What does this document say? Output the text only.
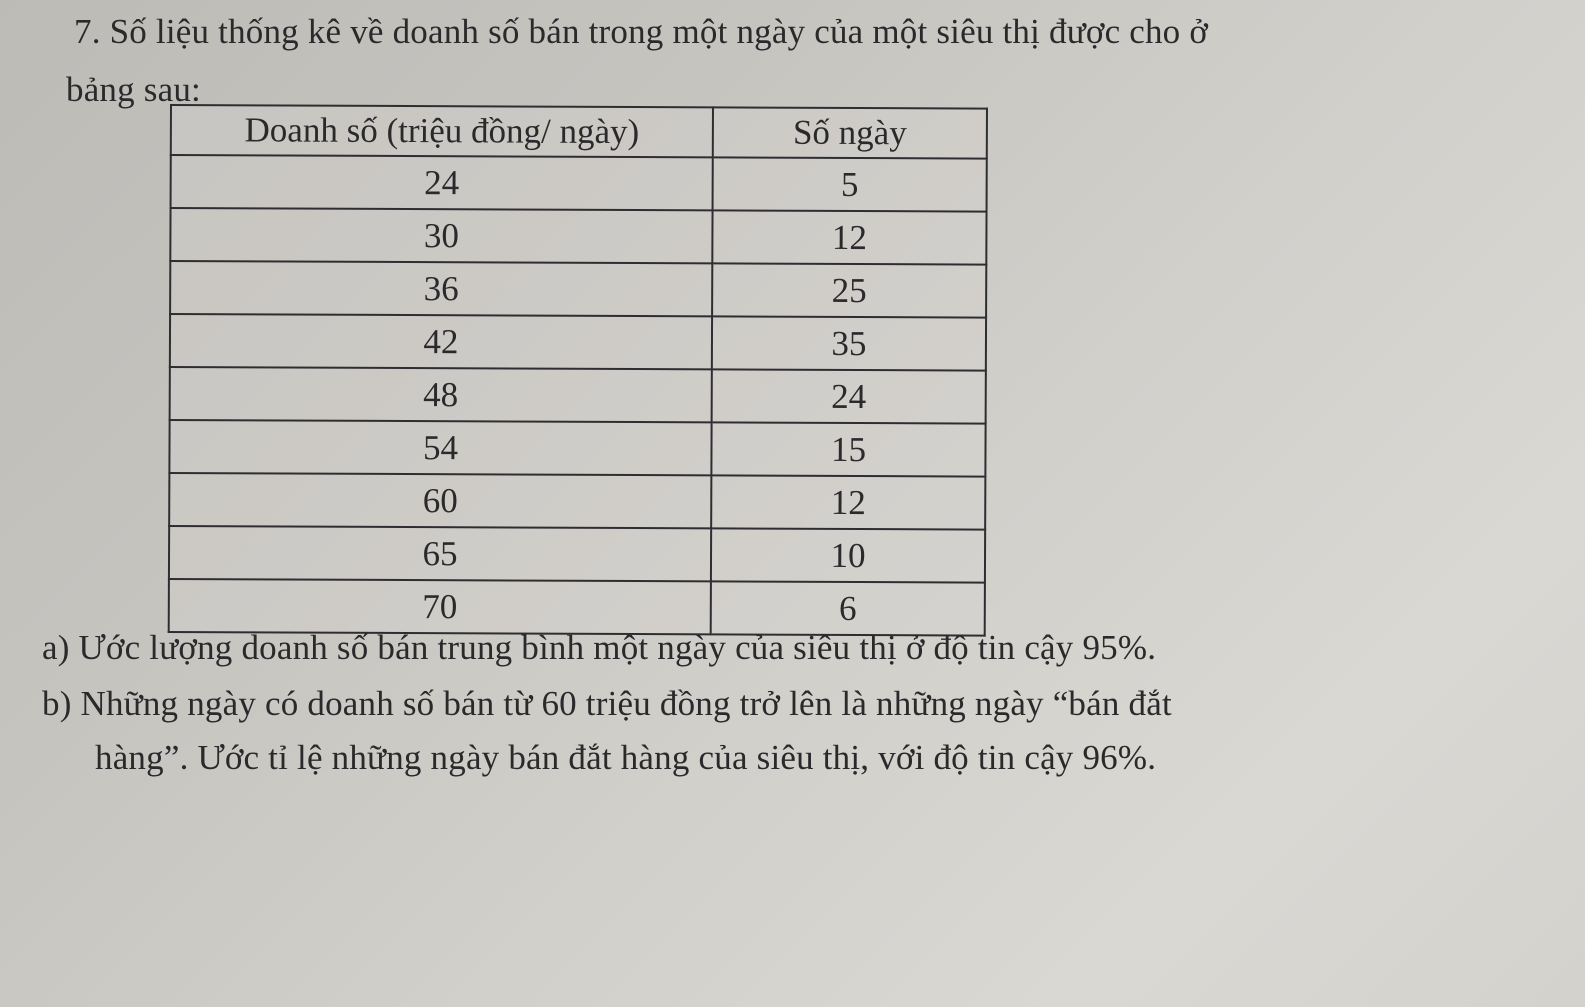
7. Số liệu thống kê về doanh số bán trong một ngày của một siêu thị được cho ở
bảng sau:
Doanh số (triệu đồng/ ngày)	Số ngày
24	5
30	12
36	25
42	35
48	24
54	15
60	12
65	10
70	6
a) Ước lượng doanh số bán trung bình một ngày của siêu thị ở độ tin cậy 95%.
b) Những ngày có doanh số bán từ 60 triệu đồng trở lên là những ngày “bán đắt
hàng”. Ước tỉ lệ những ngày bán đắt hàng của siêu thị, với độ tin cậy 96%.
